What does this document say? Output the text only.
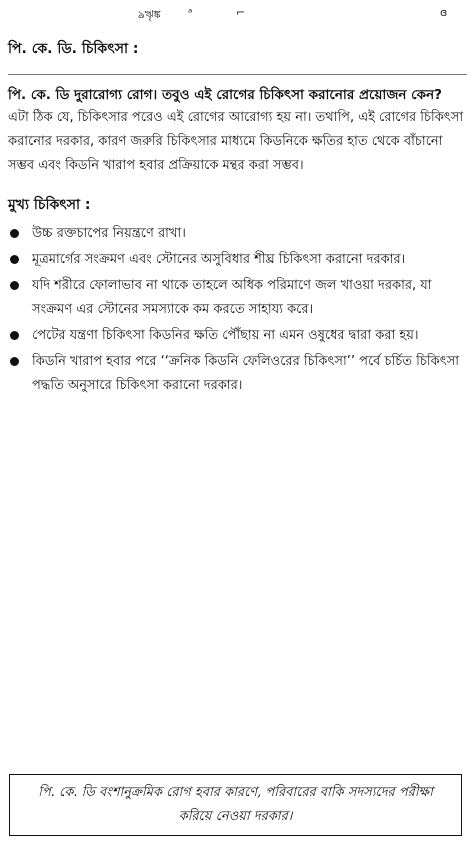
ঌৠঙ্ক ᵃ	⌐	ɞ
পি. কে. ডি. চিকিৎসা :

পি. কে. ডি দুরারোগ্য রোগ। তবুও এই রোগের চিকিৎসা করানোর প্রয়োজন কেন?

এটা ঠিক যে, চিকিৎসার পরেও এই রোগের আরোগ্য হয় না। তথাপি, এই রোগের চিকিৎসা করানোর দরকার, কারণ জরুরি চিকিৎসার মাধ্যমে কিডনিকে ক্ষতির হাত থেকে বাঁচানো সম্ভব এবং কিডনি খারাপ হবার প্রক্রিয়াকে মন্থর করা সম্ভব।

মুখ্য চিকিৎসা :
উচ্চ রক্তচাপের নিয়ন্ত্রণে রাখা।
মূত্রমার্গের সংক্রমণ এবং স্টোনের অসুবিধার শীঘ্র চিকিৎসা করানো দরকার।
যদি শরীরে ফোলাভাব না থাকে তাহলে অধিক পরিমাণে জল খাওয়া দরকার, যা সংক্রমণ এর স্টোনের সমস্যাকে কম করতে সাহায্য করে।
পেটের যন্ত্রণা চিকিৎসা কিডনির ক্ষতি পৌঁছায় না এমন ওষুধের দ্বারা করা হয়।
কিডনি খারাপ হবার পরে ‘‘ক্রনিক কিডনি ফেলিওরের চিকিৎসা’’ পর্বে চর্চিত চিকিৎসা পদ্ধতি অনুসারে চিকিৎসা করানো দরকার।

পি. কে. ডি বংশানুক্রমিক রোগ হবার কারণে, পরিবারের বাকি সদস্যদের পরীক্ষা করিয়ে নেওয়া দরকার।
